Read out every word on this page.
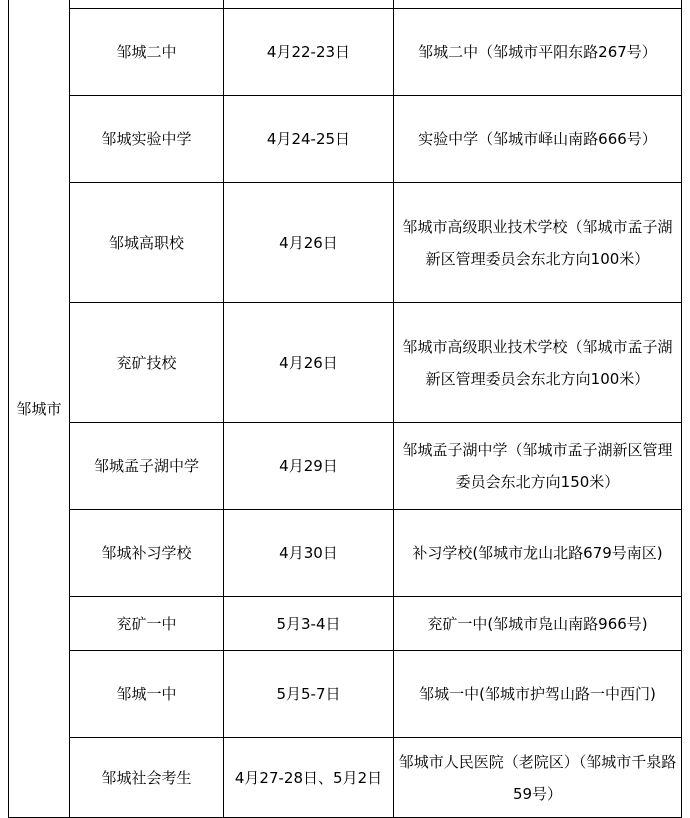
邹城市			
	邹城二中	4月22-23日	邹城二中（邹城市平阳东路267号）
	邹城实验中学	4月24-25日	实验中学（邹城市峄山南路666号）
	邹城高职校	4月26日	邹城市高级职业技术学校（邹城市孟子湖新区管理委员会东北方向100米）
	兖矿技校	4月26日	邹城市高级职业技术学校（邹城市孟子湖新区管理委员会东北方向100米）
	邹城孟子湖中学	4月29日	邹城孟子湖中学（邹城市孟子湖新区管理委员会东北方向150米）
	邹城补习学校	4月30日	补习学校(邹城市龙山北路679号南区)
	兖矿一中	5月3-4日	兖矿一中(邹城市凫山南路966号)
	邹城一中	5月5-7日	邹城一中(邹城市护驾山路一中西门)
	邹城社会考生	4月27-28日、5月2日	邹城市人民医院（老院区）（邹城市千泉路59号）
